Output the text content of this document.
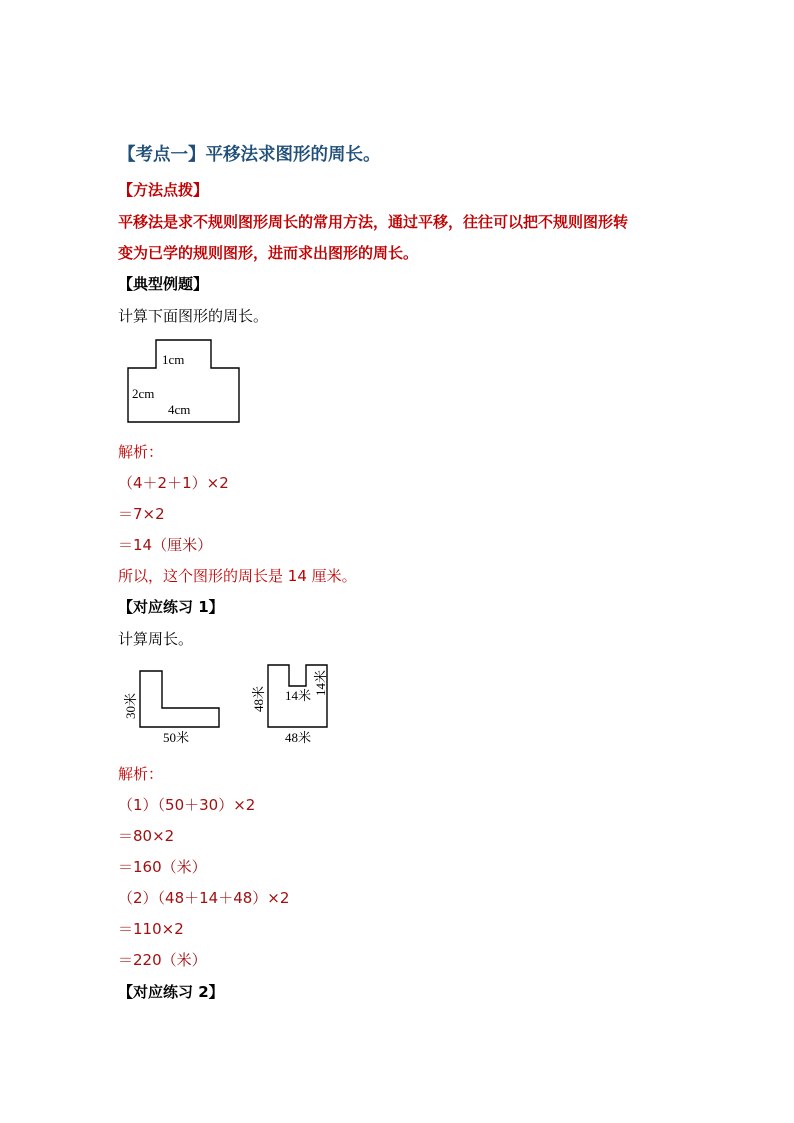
【考点一】平移法求图形的周长。
【方法点拨】
平移法是求不规则图形周长的常用方法，通过平移，往往可以把不规则图形转
变为已学的规则图形，进而求出图形的周长。
【典型例题】
计算下面图形的周长。
1cm
2cm
4cm
解析：
（4＋2＋1）×2
＝7×2
＝14（厘米）
所以，这个图形的周长是 14 厘米。
【对应练习 1】
计算周长。
30米
50米
48米 14米 14米
48米
解析：
（1）（50＋30）×2
＝80×2
＝160（米）
（2）（48＋14＋48）×2
＝110×2
＝220（米）
【对应练习 2】
